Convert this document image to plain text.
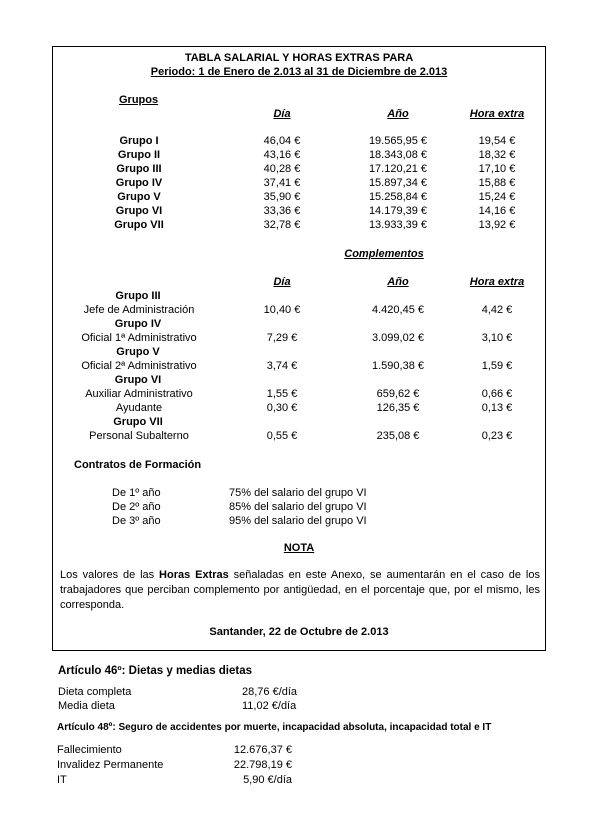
TABLA SALARIAL Y HORAS EXTRAS PARA
Periodo: 1 de Enero de 2.013 al 31 de Diciembre de 2.013
Grupos
Día	Año	Hora extra
Grupo I	46,04 €	19.565,95 €	19,54 €
Grupo II	43,16 €	18.343,08 €	18,32 €
Grupo III	40,28 €	17.120,21 €	17,10 €
Grupo IV	37,41 €	15.897,34 €	15,88 €
Grupo V	35,90 €	15.258,84 €	15,24 €
Grupo VI	33,36 €	14.179,39 €	14,16 €
Grupo VII	32,78 €	13.933,39 €	13,92 €
Complementos
Día	Año	Hora extra
Grupo III
Jefe de Administración	10,40 €	4.420,45 €	4,42 €
Grupo IV
Oficial 1ª Administrativo	7,29 €	3.099,02 €	3,10 €
Grupo V
Oficial 2ª Administrativo	3,74 €	1.590,38 €	1,59 €
Grupo VI
Auxiliar Administrativo	1,55 €	659,62 €	0,66 €
Ayudante	0,30 €	126,35 €	0,13 €
Grupo VII
Personal Subalterno	0,55 €	235,08 €	0,23 €
Contratos de Formación
De 1º año	75% del salario del grupo VI
De 2º año	85% del salario del grupo VI
De 3º año	95% del salario del grupo VI
NOTA
Los valores de las Horas Extras señaladas en este Anexo, se aumentarán en el caso de los trabajadores que perciban complemento por antigüedad, en el porcentaje que, por el mismo, les corresponda.
Santander, 22 de Octubre de 2.013
Artículo 46º: Dietas y medias dietas
Dieta completa	28,76 €/día
Media dieta	11,02 €/día
Artículo 48º: Seguro de accidentes por muerte, incapacidad absoluta, incapacidad total e IT
Fallecimiento	12.676,37 €
Invalidez Permanente	22.798,19 €
IT	5,90 €/día
